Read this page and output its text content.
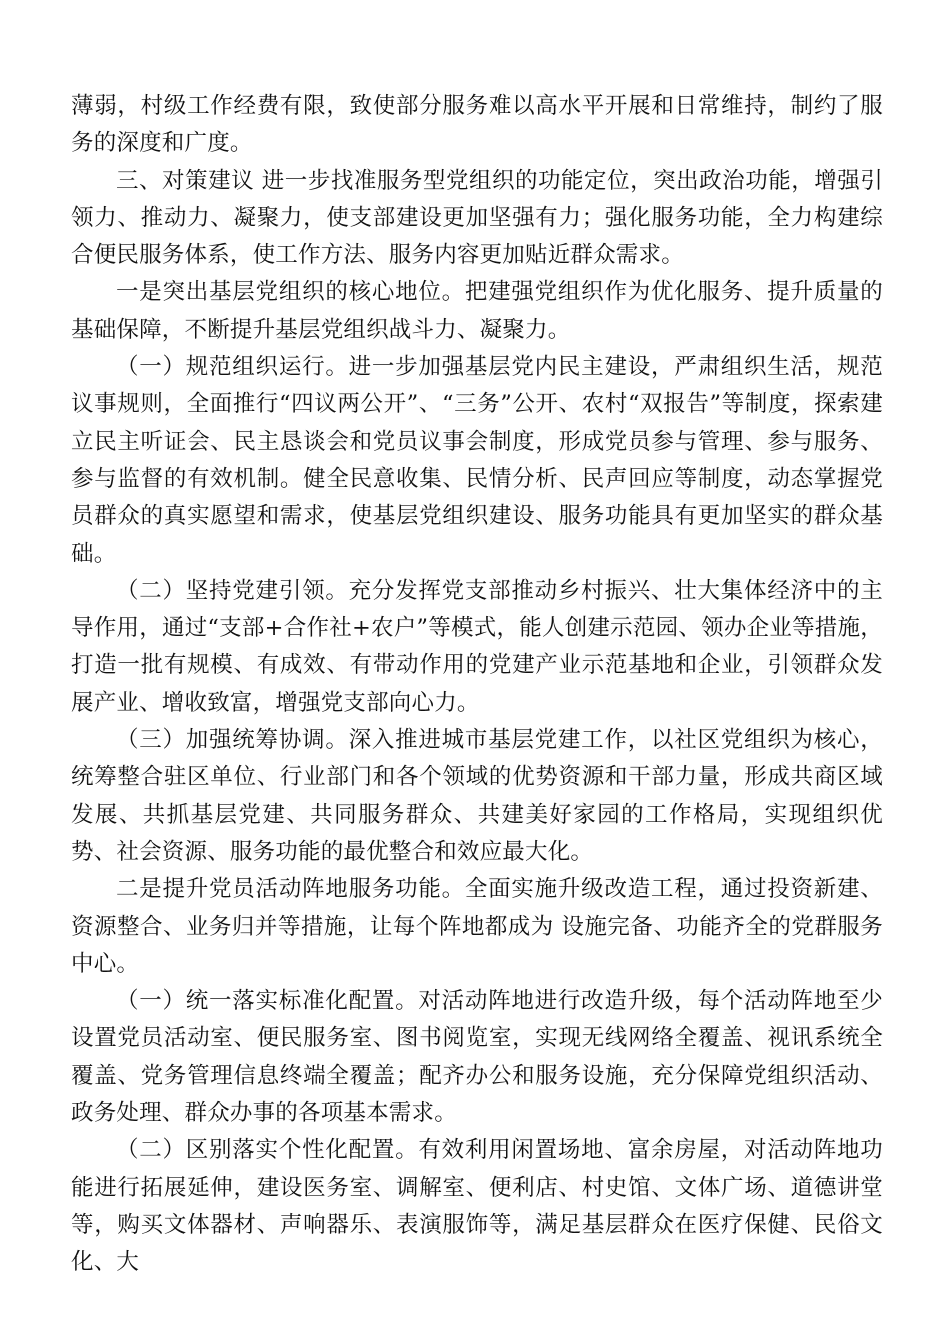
薄弱，村级工作经费有限，致使部分服务难以高水平开展和日常维持，制约了服务的深度和广度。

三、对策建议 进一步找准服务型党组织的功能定位，突出政治功能，增强引领力、推动力、凝聚力，使支部建设更加坚强有力；强化服务功能，全力构建综合便民服务体系，使工作方法、服务内容更加贴近群众需求。

一是突出基层党组织的核心地位。把建强党组织作为优化服务、提升质量的基础保障，不断提升基层党组织战斗力、凝聚力。

（一）规范组织运行。进一步加强基层党内民主建设，严肃组织生活，规范议事规则，全面推行“四议两公开”、“三务”公开、农村“双报告”等制度，探索建立民主听证会、民主恳谈会和党员议事会制度，形成党员参与管理、参与服务、参与监督的有效机制。健全民意收集、民情分析、民声回应等制度，动态掌握党员群众的真实愿望和需求，使基层党组织建设、服务功能具有更加坚实的群众基础。

（二）坚持党建引领。充分发挥党支部推动乡村振兴、壮大集体经济中的主导作用，通过“支部+合作社+农户”等模式，能人创建示范园、领办企业等措施，打造一批有规模、有成效、有带动作用的党建产业示范基地和企业，引领群众发展产业、增收致富，增强党支部向心力。

（三）加强统筹协调。深入推进城市基层党建工作，以社区党组织为核心，统筹整合驻区单位、行业部门和各个领域的优势资源和干部力量，形成共商区域发展、共抓基层党建、共同服务群众、共建美好家园的工作格局，实现组织优势、社会资源、服务功能的最优整合和效应最大化。

二是提升党员活动阵地服务功能。全面实施升级改造工程，通过投资新建、资源整合、业务归并等措施，让每个阵地都成为 设施完备、功能齐全的党群服务中心。

（一）统一落实标准化配置。对活动阵地进行改造升级，每个活动阵地至少设置党员活动室、便民服务室、图书阅览室，实现无线网络全覆盖、视讯系统全覆盖、党务管理信息终端全覆盖；配齐办公和服务设施，充分保障党组织活动、政务处理、群众办事的各项基本需求。

（二）区别落实个性化配置。有效利用闲置场地、富余房屋，对活动阵地功能进行拓展延伸，建设医务室、调解室、便利店、村史馆、文体广场、道德讲堂等，购买文体器材、声响器乐、表演服饰等，满足基层群众在医疗保健、民俗文化、大
